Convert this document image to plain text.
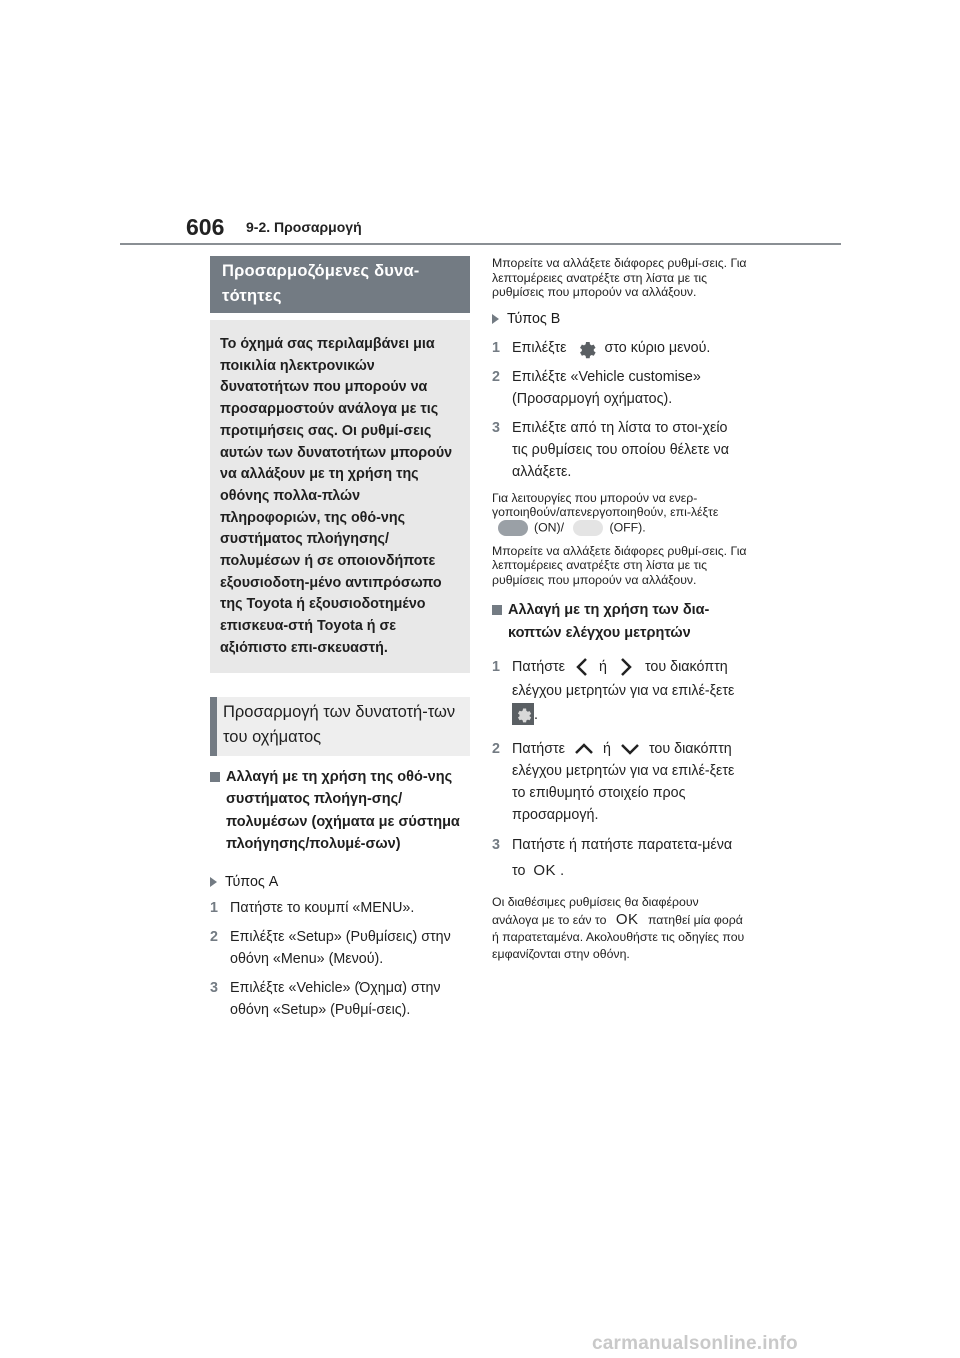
606 9-2. Προσαρμογή
Προσαρμοζόμενες δυνα-
τότητες
Το όχημά σας περιλαμβάνει μια ποικιλία ηλεκτρονικών δυνατοτήτων που μπορούν να προσαρμοστούν ανάλογα με τις προτιμήσεις σας. Οι ρυθμί-σεις αυτών των δυνατοτήτων μπορούν να αλλάξουν με τη χρήση της οθόνης πολλα-πλών πληροφοριών, της οθό-νης συστήματος πλοήγησης/πολυμέσων ή σε οποιονδήποτε εξουσιοδοτη-μένο αντιπρόσωπο της Toyota ή εξουσιοδοτημένο επισκευα-στή Toyota ή σε αξιόπιστο επι-σκευαστή.
Προσαρμογή των δυνατοτή-των του οχήματος
Αλλαγή με τη χρήση της οθό-νης συστήματος πλοήγη-σης/πολυμέσων (οχήματα με σύστημα πλοήγησης/πολυμέ-σων)
Τύπος A
1 Πατήστε το κουμπί «MENU».
2 Επιλέξτε «Setup» (Ρυθμίσεις) στην οθόνη «Menu» (Μενού).
3 Επιλέξτε «Vehicle» (Όχημα) στην οθόνη «Setup» (Ρυθμί-σεις).
Μπορείτε να αλλάξετε διάφορες ρυθμί-σεις. Για λεπτομέρειες ανατρέξτε στη λίστα με τις ρυθμίσεις που μπορούν να αλλάξουν.
Τύπος B
1 Επιλέξτε	στο κύριο μενού.
2 Επιλέξτε «Vehicle customise» (Προσαρμογή οχήματος).
3 Επιλέξτε από τη λίστα το στοι-χείο τις ρυθμίσεις του οποίου θέλετε να αλλάξετε.
Για λειτουργίες που μπορούν να ενερ-γοποιηθούν/απενεργοποιηθούν, επι-λέξτε (ON)/	(OFF).
Μπορείτε να αλλάξετε διάφορες ρυθμί-σεις. Για λεπτομέρειες ανατρέξτε στη λίστα με τις ρυθμίσεις που μπορούν να αλλάξουν.
Αλλαγή με τη χρήση των δια-κοπτών ελέγχου μετρητών
1 Πατήστε ή	του διακόπτη ελέγχου μετρητών για να επιλέ-ξετε .
2 Πατήστε	ή	του διακόπτη ελέγχου μετρητών για να επιλέ-ξετε το επιθυμητό στοιχείο προς προσαρμογή.
3 Πατήστε ή πατήστε παρατετα-μένα το OK .
Οι διαθέσιμες ρυθμίσεις θα διαφέρουν ανάλογα με το εάν το OK πατηθεί μία φορά ή παρατεταμένα. Ακολουθήστε τις οδηγίες που εμφανίζονται στην οθόνη.
carmanualsonline.info
